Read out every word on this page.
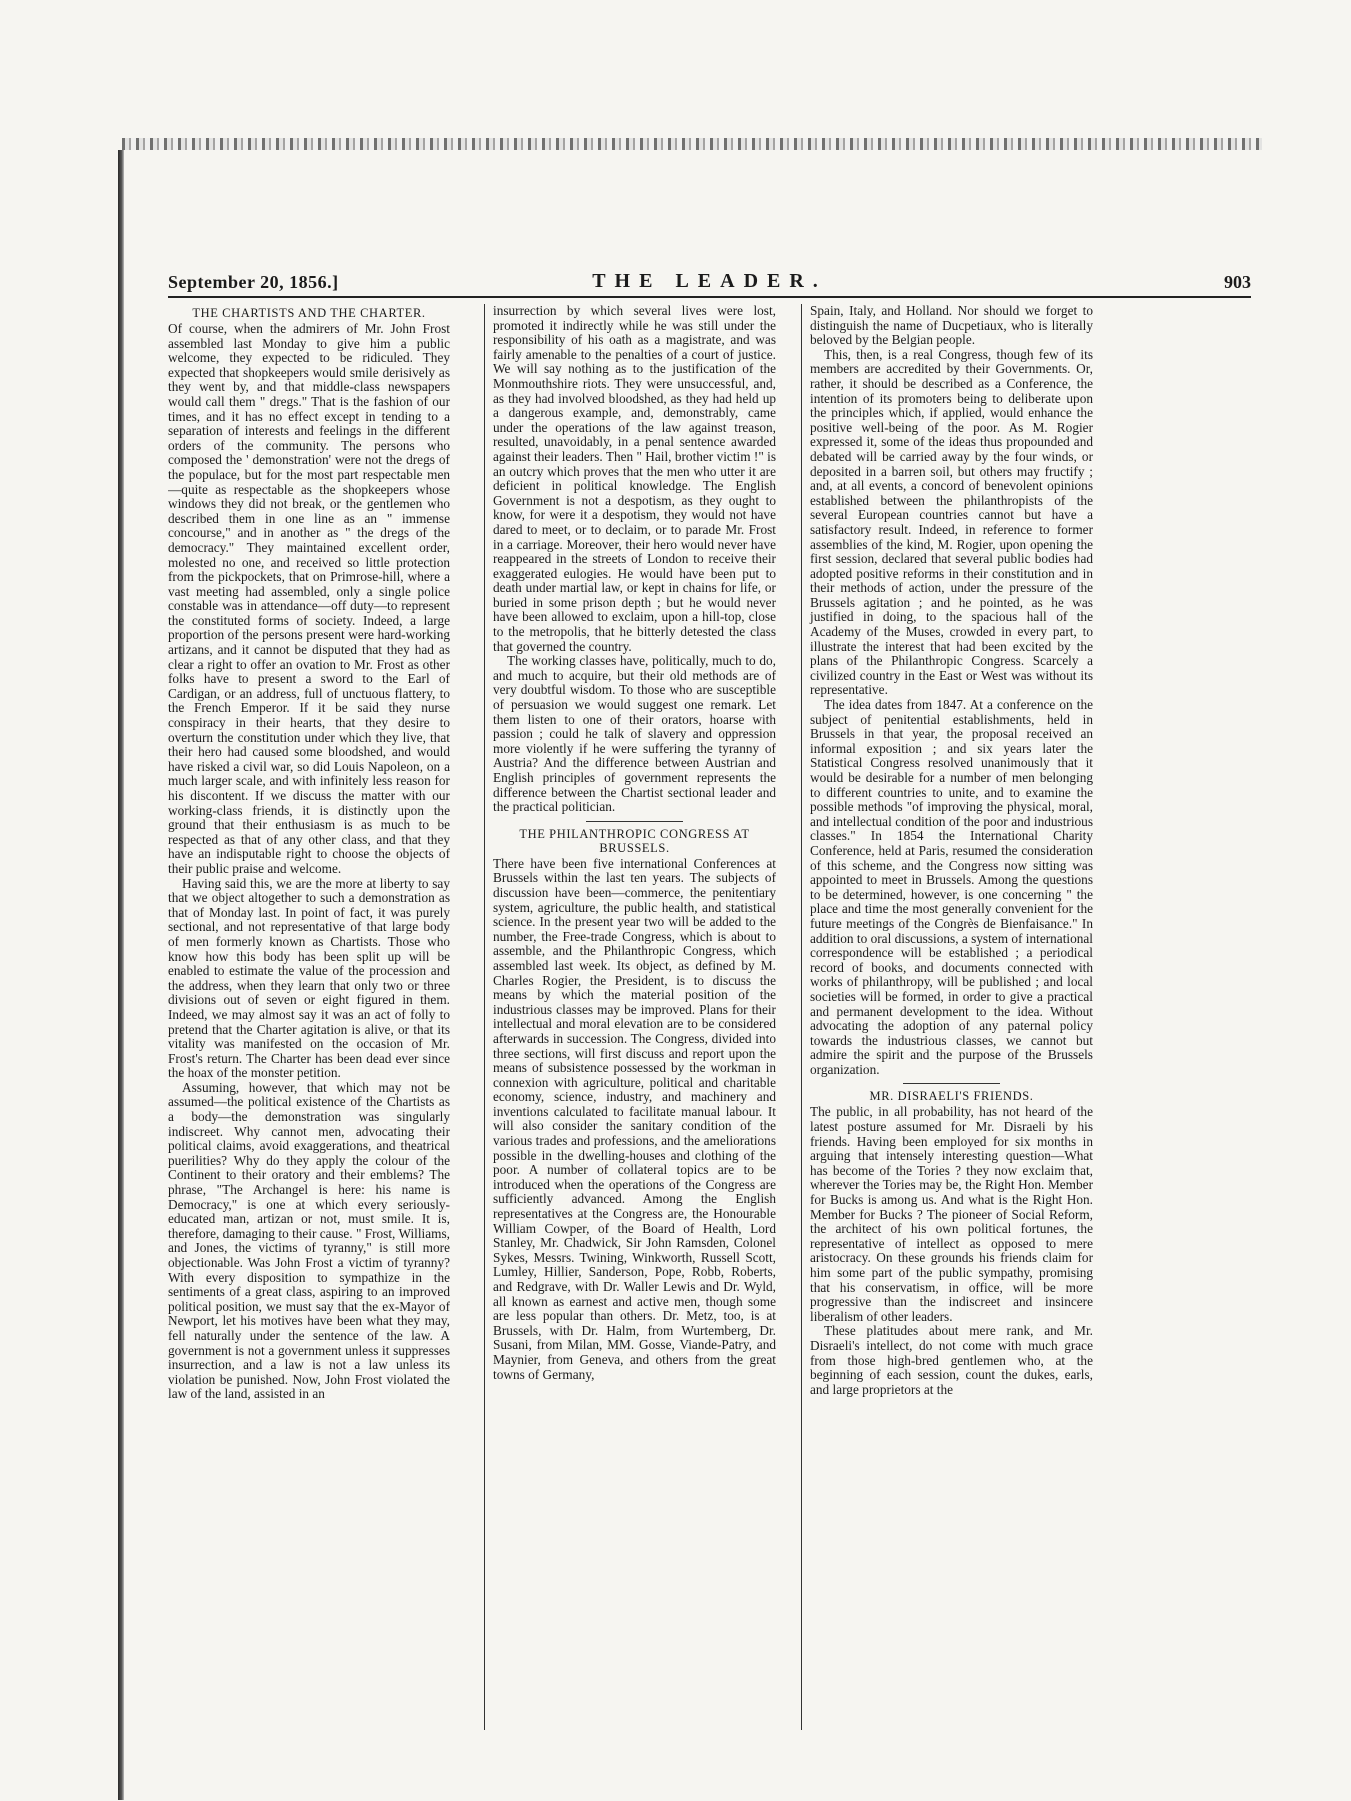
September 20, 1856.]	THE LEADER.	903
THE CHARTISTS AND THE CHARTER.

Of course, when the admirers of Mr. John Frost assembled last Monday to give him a public welcome, they expected to be ridiculed. They expected that shopkeepers would smile derisively as they went by, and that middle-class newspapers would call them " dregs." That is the fashion of our times, and it has no effect except in tending to a separation of interests and feelings in the different orders of the community. The persons who composed the ' demonstration' were not the dregs of the populace, but for the most part respectable men—quite as respectable as the shopkeepers whose windows they did not break, or the gentlemen who described them in one line as an " immense concourse," and in another as " the dregs of the democracy." They maintained excellent order, molested no one, and received so little protection from the pickpockets, that on Primrose-hill, where a vast meeting had assembled, only a single police constable was in attendance—off duty—to represent the constituted forms of society. Indeed, a large proportion of the persons present were hard-working artizans, and it cannot be disputed that they had as clear a right to offer an ovation to Mr. Frost as other folks have to present a sword to the Earl of Cardigan, or an address, full of unctuous flattery, to the French Emperor. If it be said they nurse conspiracy in their hearts, that they desire to overturn the constitution under which they live, that their hero had caused some bloodshed, and would have risked a civil war, so did Louis Napoleon, on a much larger scale, and with infinitely less reason for his discontent. If we discuss the matter with our working-class friends, it is distinctly upon the ground that their enthusiasm is as much to be respected as that of any other class, and that they have an indisputable right to choose the objects of their public praise and welcome.

Having said this, we are the more at liberty to say that we object altogether to such a demonstration as that of Monday last. In point of fact, it was purely sectional, and not representative of that large body of men formerly known as Chartists. Those who know how this body has been split up will be enabled to estimate the value of the procession and the address, when they learn that only two or three divisions out of seven or eight figured in them. Indeed, we may almost say it was an act of folly to pretend that the Charter agitation is alive, or that its vitality was manifested on the occasion of Mr. Frost's return. The Charter has been dead ever since the hoax of the monster petition.

Assuming, however, that which may not be assumed—the political existence of the Chartists as a body—the demonstration was singularly indiscreet. Why cannot men, advocating their political claims, avoid exaggerations, and theatrical puerilities? Why do they apply the colour of the Continent to their oratory and their emblems? The phrase, "The Archangel is here: his name is Democracy," is one at which every seriously-educated man, artizan or not, must smile. It is, therefore, damaging to their cause. " Frost, Williams, and Jones, the victims of tyranny," is still more objectionable. Was John Frost a victim of tyranny? With every disposition to sympathize in the sentiments of a great class, aspiring to an improved political position, we must say that the ex-Mayor of Newport, let his motives have been what they may, fell naturally under the sentence of the law. A government is not a government unless it suppresses insurrection, and a law is not a law unless its violation be punished. Now, John Frost violated the law of the land, assisted in an

insurrection by which several lives were lost, promoted it indirectly while he was still under the responsibility of his oath as a magistrate, and was fairly amenable to the penalties of a court of justice. We will say nothing as to the justification of the Monmouthshire riots. They were unsuccessful, and, as they had involved bloodshed, as they had held up a dangerous example, and, demonstrably, came under the operations of the law against treason, resulted, unavoidably, in a penal sentence awarded against their leaders. Then " Hail, brother victim !" is an outcry which proves that the men who utter it are deficient in political knowledge. The English Government is not a despotism, as they ought to know, for were it a despotism, they would not have dared to meet, or to declaim, or to parade Mr. Frost in a carriage. Moreover, their hero would never have reappeared in the streets of London to receive their exaggerated eulogies. He would have been put to death under martial law, or kept in chains for life, or buried in some prison depth ; but he would never have been allowed to exclaim, upon a hill-top, close to the metropolis, that he bitterly detested the class that governed the country.

The working classes have, politically, much to do, and much to acquire, but their old methods are of very doubtful wisdom. To those who are susceptible of persuasion we would suggest one remark. Let them listen to one of their orators, hoarse with passion ; could he talk of slavery and oppression more violently if he were suffering the tyranny of Austria? And the difference between Austrian and English principles of government represents the difference between the Chartist sectional leader and the practical politician.

THE PHILANTHROPIC CONGRESS AT BRUSSELS.

There have been five international Conferences at Brussels within the last ten years. The subjects of discussion have been—commerce, the penitentiary system, agriculture, the public health, and statistical science. In the present year two will be added to the number, the Free-trade Congress, which is about to assemble, and the Philanthropic Congress, which assembled last week. Its object, as defined by M. Charles Rogier, the President, is to discuss the means by which the material position of the industrious classes may be improved. Plans for their intellectual and moral elevation are to be considered afterwards in succession. The Congress, divided into three sections, will first discuss and report upon the means of subsistence possessed by the workman in connexion with agriculture, political and charitable economy, science, industry, and machinery and inventions calculated to facilitate manual labour. It will also consider the sanitary condition of the various trades and professions, and the ameliorations possible in the dwelling-houses and clothing of the poor. A number of collateral topics are to be introduced when the operations of the Congress are sufficiently advanced. Among the English representatives at the Congress are, the Honourable William Cowper, of the Board of Health, Lord Stanley, Mr. Chadwick, Sir John Ramsden, Colonel Sykes, Messrs. Twining, Winkworth, Russell Scott, Lumley, Hillier, Sanderson, Pope, Robb, Roberts, and Redgrave, with Dr. Waller Lewis and Dr. Wyld, all known as earnest and active men, though some are less popular than others. Dr. Metz, too, is at Brussels, with Dr. Halm, from Wurtemberg, Dr. Susani, from Milan, MM. Gosse, Viande-Patry, and Maynier, from Geneva, and others from the great towns of Germany,

Spain, Italy, and Holland. Nor should we forget to distinguish the name of Ducpetiaux, who is literally beloved by the Belgian people.

This, then, is a real Congress, though few of its members are accredited by their Governments. Or, rather, it should be described as a Conference, the intention of its promoters being to deliberate upon the principles which, if applied, would enhance the positive well-being of the poor. As M. Rogier expressed it, some of the ideas thus propounded and debated will be carried away by the four winds, or deposited in a barren soil, but others may fructify ; and, at all events, a concord of benevolent opinions established between the philanthropists of the several European countries cannot but have a satisfactory result. Indeed, in reference to former assemblies of the kind, M. Rogier, upon opening the first session, declared that several public bodies had adopted positive reforms in their constitution and in their methods of action, under the pressure of the Brussels agitation ; and he pointed, as he was justified in doing, to the spacious hall of the Academy of the Muses, crowded in every part, to illustrate the interest that had been excited by the plans of the Philanthropic Congress. Scarcely a civilized country in the East or West was without its representative.

The idea dates from 1847. At a conference on the subject of penitential establishments, held in Brussels in that year, the proposal received an informal exposition ; and six years later the Statistical Congress resolved unanimously that it would be desirable for a number of men belonging to different countries to unite, and to examine the possible methods "of improving the physical, moral, and intellectual condition of the poor and industrious classes." In 1854 the International Charity Conference, held at Paris, resumed the consideration of this scheme, and the Congress now sitting was appointed to meet in Brussels. Among the questions to be determined, however, is one concerning " the place and time the most generally convenient for the future meetings of the Congrès de Bienfaisance." In addition to oral discussions, a system of international correspondence will be established ; a periodical record of books, and documents connected with works of philanthropy, will be published ; and local societies will be formed, in order to give a practical and permanent development to the idea. Without advocating the adoption of any paternal policy towards the industrious classes, we cannot but admire the spirit and the purpose of the Brussels organization.

MR. DISRAELI'S FRIENDS.

The public, in all probability, has not heard of the latest posture assumed for Mr. Disraeli by his friends. Having been employed for six months in arguing that intensely interesting question—What has become of the Tories ? they now exclaim that, wherever the Tories may be, the Right Hon. Member for Bucks is among us. And what is the Right Hon. Member for Bucks ? The pioneer of Social Reform, the architect of his own political fortunes, the representative of intellect as opposed to mere aristocracy. On these grounds his friends claim for him some part of the public sympathy, promising that his conservatism, in office, will be more progressive than the indiscreet and insincere liberalism of other leaders.

These platitudes about mere rank, and Mr. Disraeli's intellect, do not come with much grace from those high-bred gentlemen who, at the beginning of each session, count the dukes, earls, and large proprietors at the
